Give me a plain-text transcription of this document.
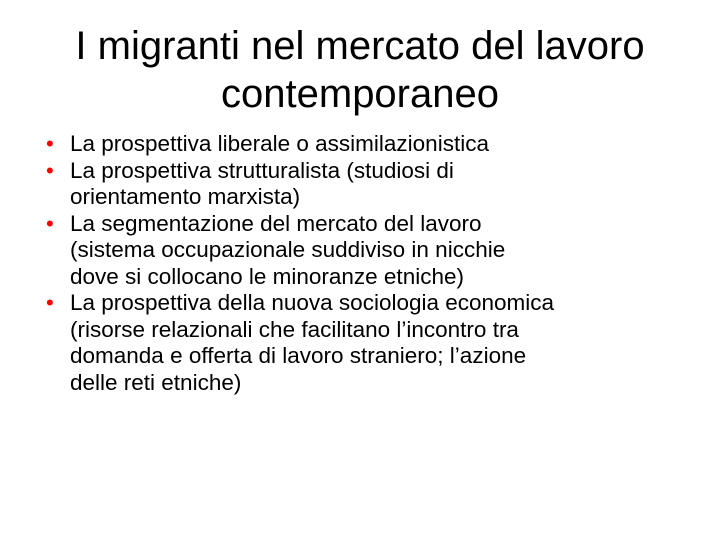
I migranti nel mercato del lavoro
contemporaneo
• La prospettiva liberale o assimilazionistica
• La prospettiva strutturalista (studiosi di
orientamento marxista)
• La segmentazione del mercato del lavoro
(sistema occupazionale suddiviso in nicchie
dove si collocano le minoranze etniche)
• La prospettiva della nuova sociologia economica
(risorse relazionali che facilitano l’incontro tra
domanda e offerta di lavoro straniero; l’azione
delle reti etniche)
